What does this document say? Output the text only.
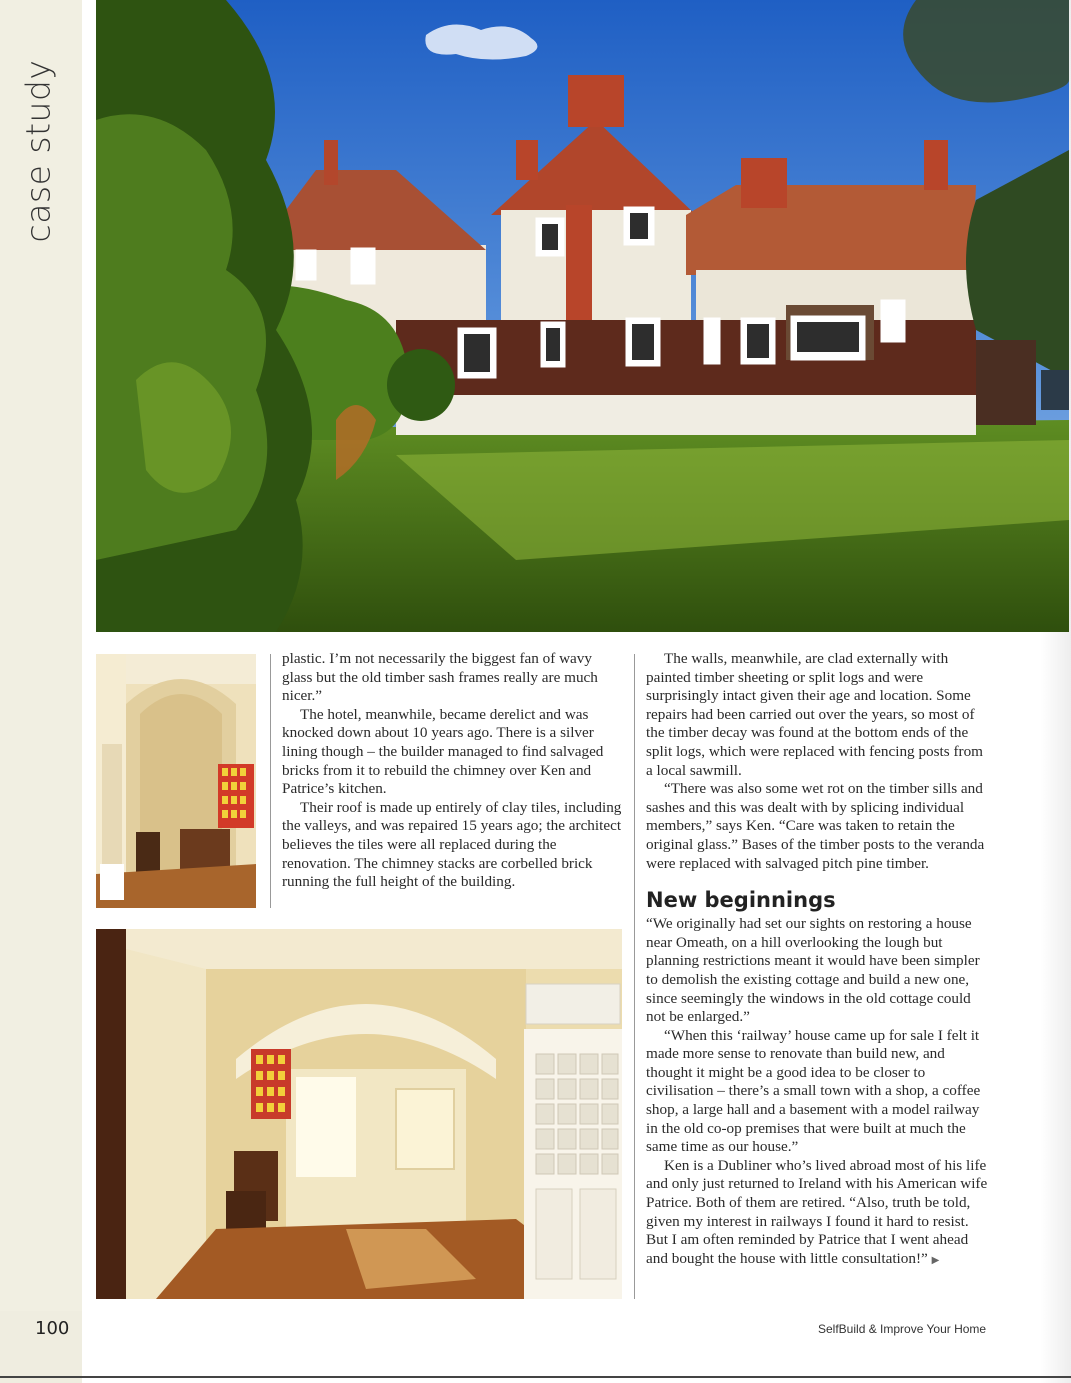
case study

plastic. I’m not necessarily the biggest fan of wavy glass but the old timber sash frames really are much nicer.”

The hotel, meanwhile, became derelict and was knocked down about 10 years ago. There is a silver lining though – the builder managed to find salvaged bricks from it to rebuild the chimney over Ken and Patrice’s kitchen.

Their roof is made up entirely of clay tiles, including the valleys, and was repaired 15 years ago; the architect believes the tiles were all replaced during the renovation. The chimney stacks are corbelled brick running the full height of the building.

The walls, meanwhile, are clad externally with painted timber sheeting or split logs and were surprisingly intact given their age and location. Some repairs had been carried out over the years, so most of the timber decay was found at the bottom ends of the split logs, which were replaced with fencing posts from a local sawmill.

“There was also some wet rot on the timber sills and sashes and this was dealt with by splicing individual members,” says Ken. “Care was taken to retain the original glass.” Bases of the timber posts to the veranda were replaced with salvaged pitch pine timber.

New beginnings

“We originally had set our sights on restoring a house near Omeath, on a hill overlooking the lough but planning restrictions meant it would have been simpler to demolish the existing cottage and build a new one, since seemingly the windows in the old cottage could not be enlarged.”

“When this ‘railway’ house came up for sale I felt it made more sense to renovate than build new, and thought it might be a good idea to be closer to civilisation – there’s a small town with a shop, a coffee shop, a large hall and a basement with a model railway in the old co-op premises that were built at much the same time as our house.”

Ken is a Dubliner who’s lived abroad most of his life and only just returned to Ireland with his American wife Patrice. Both of them are retired. “Also, truth be told, given my interest in railways I found it hard to resist. But I am often reminded by Patrice that I went ahead and bought the house with little consultation!” ▶

100	SelfBuild & Improve Your Home
